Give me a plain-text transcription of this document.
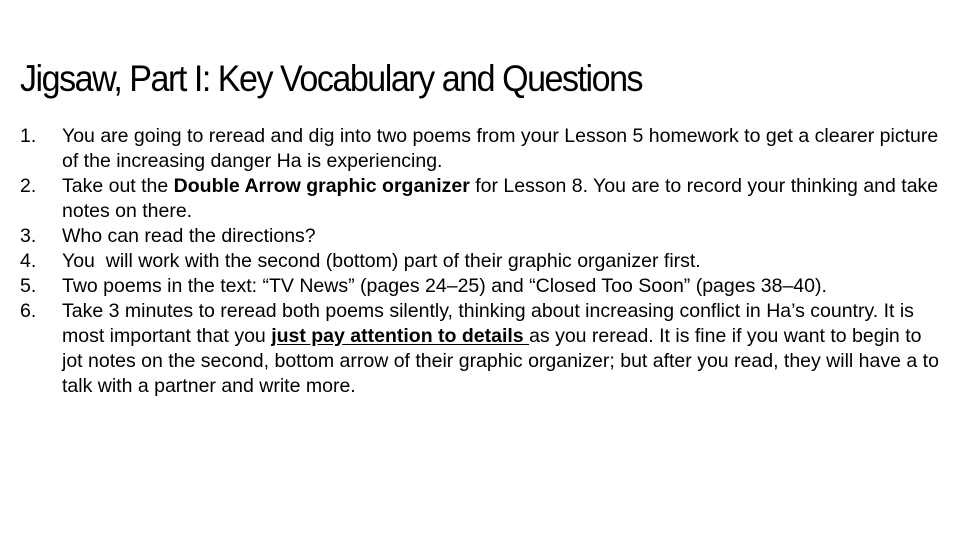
Jigsaw, Part I: Key Vocabulary and Questions
1. You are going to reread and dig into two poems from your Lesson 5 homework to get a clearer picture of the increasing danger Ha is experiencing.
2. Take out the Double Arrow graphic organizer for Lesson 8. You are to record your thinking and take notes on there.
3. Who can read the directions?
4. You  will work with the second (bottom) part of their graphic organizer first.
5. Two poems in the text: “TV News” (pages 24–25) and “Closed Too Soon” (pages 38–40).
6. Take 3 minutes to reread both poems silently, thinking about increasing conflict in Ha’s country. It is most important that you just pay attention to details as you reread. It is fine if you want to begin to jot notes on the second, bottom arrow of their graphic organizer; but after you read, they will have a to talk with a partner and write more.
